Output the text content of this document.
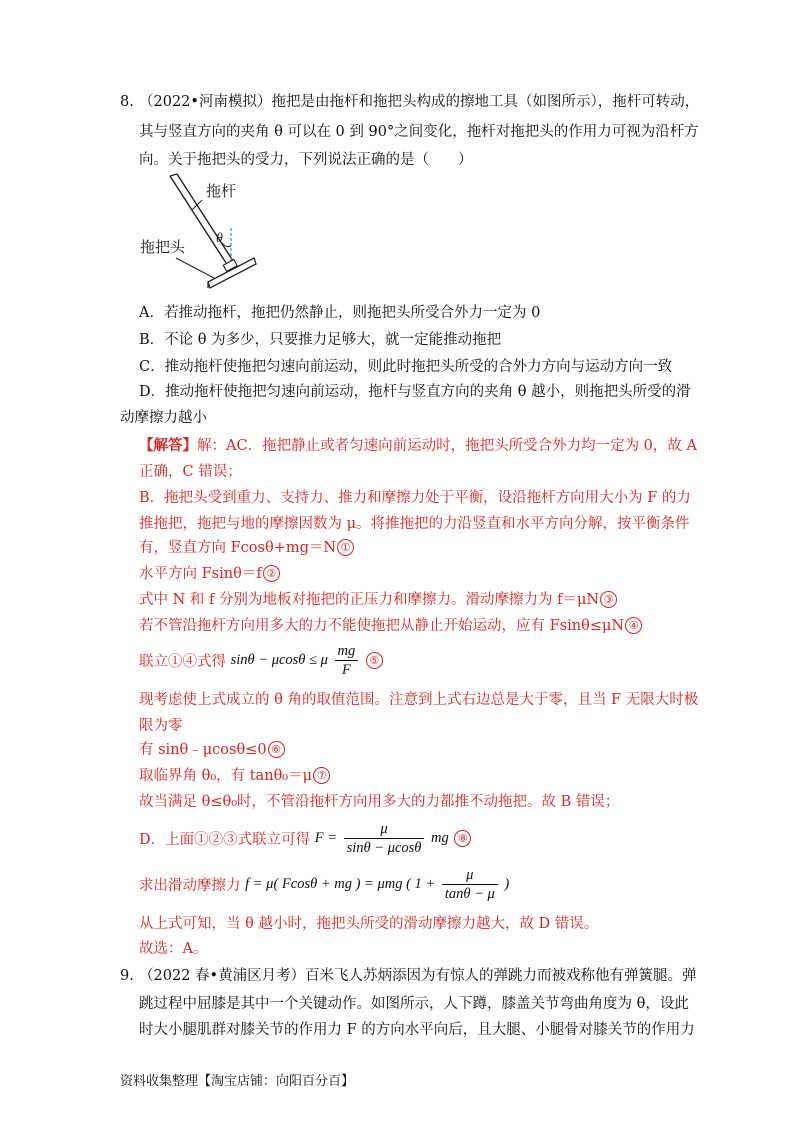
8. （2022•河南模拟）拖把是由拖杆和拖把头构成的擦地工具（如图所示），拖杆可转动，
其与竖直方向的夹角 θ 可以在 0 到 90°之间变化，拖杆对拖把头的作用力可视为沿杆方
向。关于拖把头的受力，下列说法正确的是（　　）
拖杆
θ
拖把头
A．若推动拖杆，拖把仍然静止，则拖把头所受合外力一定为 0
B．不论 θ 为多少，只要推力足够大，就一定能推动拖把
C．推动拖杆使拖把匀速向前运动，则此时拖把头所受的合外力方向与运动方向一致
D．推动拖杆使拖把匀速向前运动，拖杆与竖直方向的夹角 θ 越小，则拖把头所受的滑
动摩擦力越小
【解答】解：AC．拖把静止或者匀速向前运动时，拖把头所受合外力均一定为 0，故 A
正确，C 错误；
B．拖把头受到重力、支持力、推力和摩擦力处于平衡，设沿拖杆方向用大小为 F 的力
推拖把，拖把与地的摩擦因数为 μ。将推拖把的力沿竖直和水平方向分解，按平衡条件
有，竖直方向 Fcosθ+mg＝N ①
水平方向 Fsinθ＝f ②
式中 N 和 f 分别为地板对拖把的正压力和摩擦力。滑动摩擦力为 f＝μN ③
若不管沿拖杆方向用多大的力不能使拖把从静止开始运动，应有 Fsinθ≤μN ④
联立①④式得 sinθ − μcosθ ≤ μ $\frac{mg}{F}$ ⑤
现考虑使上式成立的 θ 角的取值范围。注意到上式右边总是大于零，且当 F 无限大时极
限为零
有 sinθ﹣μcosθ≤0 ⑥
取临界角 θ₀，有 tanθ₀＝μ ⑦
故当满足 θ≤θ₀时，不管沿拖杆方向用多大的力都推不动拖把。故 B 错误；
D．上面①②③式联立可得 $F = \frac{\mu}{\sin\theta - \mu\cos\theta}$ mg ⑧
求出滑动摩擦力 f = μ( Fcosθ + mg ) = μmg ( $1 + \frac{\mu}{\tan\theta - \mu}$ )
从上式可知，当 θ 越小时，拖把头所受的滑动摩擦力越大，故 D 错误。
故选：A。
9. （2022 春•黄浦区月考）百米飞人苏炳添因为有惊人的弹跳力而被戏称他有弹簧腿。弹
跳过程中屈膝是其中一个关键动作。如图所示，人下蹲，膝盖关节弯曲角度为 θ，设此
时大小腿肌群对膝关节的作用力 F 的方向水平向后，且大腿、小腿骨对膝关节的作用力
资料收集整理【淘宝店铺：向阳百分百】
